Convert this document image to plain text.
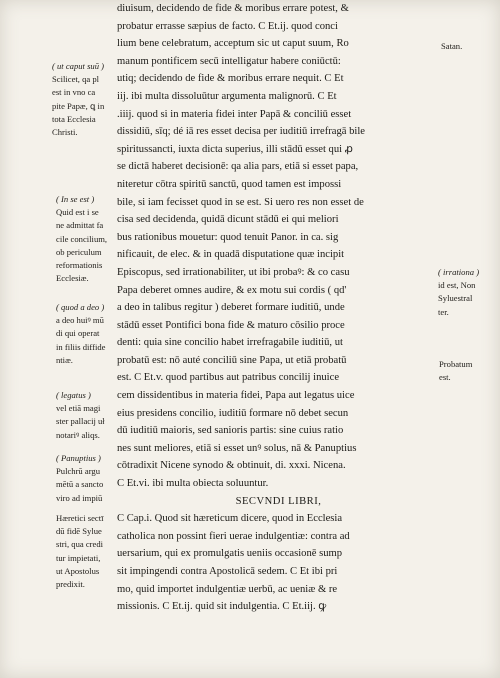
diuisum, decidendo de fide & moribus errare potest, &
probatur errasse sæpius de facto. C Et.ij. quod conci
lium bene celebratum, acceptum sic ut caput suum, Ro
manum pontificem secū intelligatur habere coniūctū:
utiq; decidendo de fide & moribus errare nequit. C Et
iij. ibi multa dissoluūtur argumenta malignorū. C Et
.iiij. quod si in materia fidei inter Papā & conciliū esset
dissidiū, sīq; dé iā res esset decisa per iuditiū irrefragā bile
spiritussancti, iuxta dicta superius, illi stādū esset qui ꝓ
se dictā haberet decisionē: qa alia pars, etiā si esset papa,
niteretur cōtra spiritū sanctū, quod tamen est impossi
bile, si iam fecisset quod in se est. Si uero res non esset de
cisa sed decidenda, quidā dicunt stādū ei qui meliori
bus rationibus mouetur: quod tenuit Panor. in ca. sig
nificauit, de elec. & in quadā disputatione quæ incipit
Episcopus, sed irrationabiliter, ut ibi probaꝰ: & co casu
Papa deberet omnes audire, & ex motu sui cordis ( qd'
a deo in talibus regitur ) deberet formare iuditiū, unde
stādū esset Pontifici bona fide & maturo cōsilio proce
denti: quia sine concilio habet irrefragabile iuditiū, ut
probatū est: nō auté conciliū sine Papa, ut etiā probatū
est. C Et.v. quod partibus aut patribus concilij inuice
cem dissidentibus in materia fidei, Papa aut legatus uice
eius presidens concilio, iuditiū formare nō debet secun
dū iuditiū maioris, sed sanioris partis: sine cuius ratio
nes sunt meliores, etiā si esset unꝰ solus, nā & Panuptius
cōtradixit Nicene synodo & obtinuit, di. xxxi. Nicena.
C Et.vi. ibi multa obiecta soluuntur.
SECVNDI LIBRI,
C Cap.i. Quod sit hæreticum dicere, quod in Ecclesia
catholica non possint fieri uerae indulgentiæ: contra ad
uersarium, qui ex promulgatis ueniis occasionē sump
sit impingendi contra Apostolicā sedem. C Et ibi pri
mo, quid importet indulgentiæ uerbū, ac ueniæ & re
missionis. C Et.ij. quid sit indulgentia. C Et.iij. ꝙ
( ut caput suū )
Scilicet, qa pl
est in vno ca
pite Papæ, ꝗ in
tota Ecclesia
Christi.
( In se est )
Quid est i se
ne admittat fa
cile concilium,
ob periculum
reformationis
Ecclesiæ.
( quod a deo )
a deo huiꝰ mū
di qui operat
in filiis diffide
ntiæ.
( legatus )
vel etiā magi
ster pallacij uł
notariꝰ aliqs.
( Panuptius )
Pulchrū argu
mētū a sancto
viro ad impiū
Hæretici sectī
dū fidē Sylue
stri, qua credi
tur impietati,
ut Apostolus
predixit.
Satan.
( irrationa )
id est, Non
Syluestral
ter.
Probatum
est.
